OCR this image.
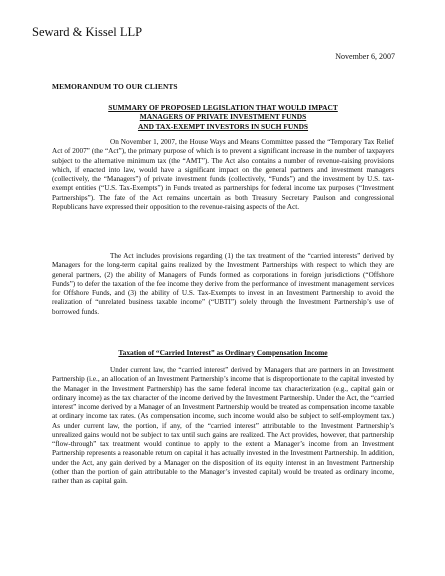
Seward & Kissel LLP
November 6, 2007
MEMORANDUM TO OUR CLIENTS
SUMMARY OF PROPOSED LEGISLATION THAT WOULD IMPACT
MANAGERS OF PRIVATE INVESTMENT FUNDS
AND TAX-EXEMPT INVESTORS IN SUCH FUNDS

On November 1, 2007, the House Ways and Means Committee passed the “Temporary Tax Relief Act of 2007” (the “Act”), the primary purpose of which is to prevent a significant increase in the number of taxpayers subject to the alternative minimum tax (the “AMT”). The Act also contains a number of revenue-raising provisions which, if enacted into law, would have a significant impact on the general partners and investment managers (collectively, the “Managers”) of private investment funds (collectively, “Funds”) and the investment by U.S. tax-exempt entities (“U.S. Tax-Exempts”) in Funds treated as partnerships for federal income tax purposes (“Investment Partnerships”). The fate of the Act remains uncertain as both Treasury Secretary Paulson and congressional Republicans have expressed their opposition to the revenue-raising aspects of the Act.

The Act includes provisions regarding (1) the tax treatment of the “carried interests” derived by Managers for the long-term capital gains realized by the Investment Partnerships with respect to which they are general partners, (2) the ability of Managers of Funds formed as corporations in foreign jurisdictions (“Offshore Funds”) to defer the taxation of the fee income they derive from the performance of investment management services for Offshore Funds, and (3) the ability of U.S. Tax-Exempts to invest in an Investment Partnership to avoid the realization of “unrelated business taxable income” (“UBTI”) solely through the Investment Partnership’s use of borrowed funds.

Taxation of “Carried Interest” as Ordinary Compensation Income

Under current law, the “carried interest” derived by Managers that are partners in an Investment Partnership (i.e., an allocation of an Investment Partnership’s income that is disproportionate to the capital invested by the Manager in the Investment Partnership) has the same federal income tax characterization (e.g., capital gain or ordinary income) as the tax character of the income derived by the Investment Partnership. Under the Act, the “carried interest” income derived by a Manager of an Investment Partnership would be treated as compensation income taxable at ordinary income tax rates. (As compensation income, such income would also be subject to self-employment tax.) As under current law, the portion, if any, of the “carried interest” attributable to the Investment Partnership’s unrealized gains would not be subject to tax until such gains are realized. The Act provides, however, that partnership “flow-through” tax treatment would continue to apply to the extent a Manager’s income from an Investment Partnership represents a reasonable return on capital it has actually invested in the Investment Partnership. In addition, under the Act, any gain derived by a Manager on the disposition of its equity interest in an Investment Partnership (other than the portion of gain attributable to the Manager’s invested capital) would be treated as ordinary income, rather than as capital gain.
